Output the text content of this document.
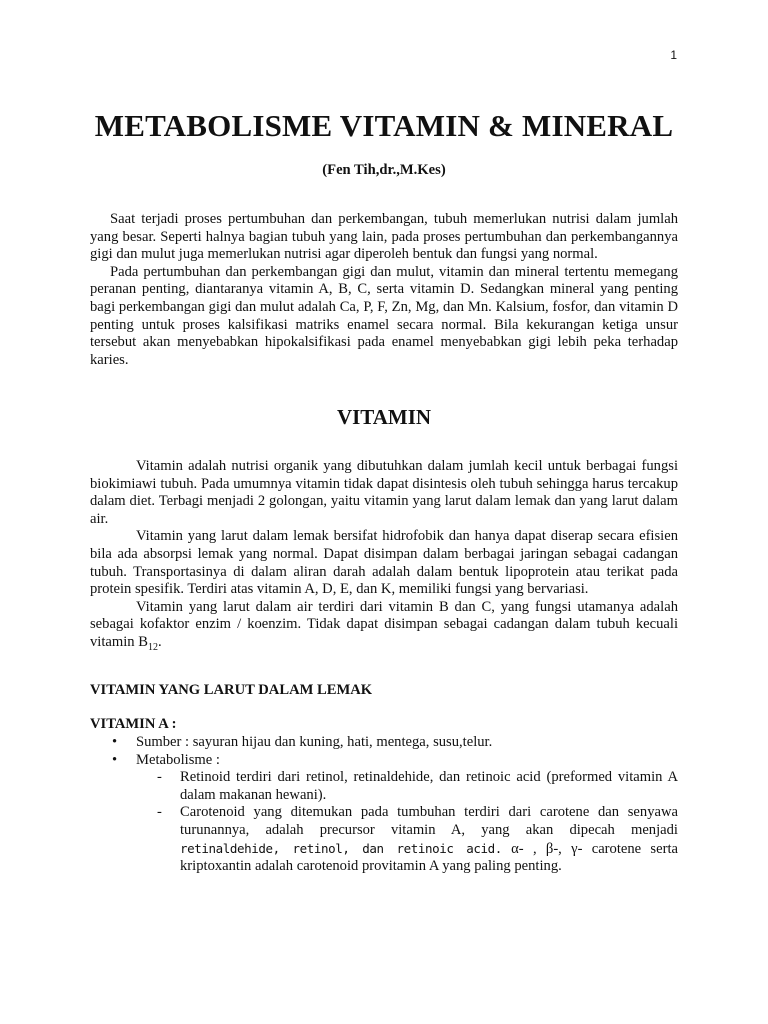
1
METABOLISME VITAMIN & MINERAL
(Fen Tih,dr.,M.Kes)

Saat terjadi proses pertumbuhan dan perkembangan, tubuh memerlukan nutrisi dalam jumlah yang besar. Seperti halnya bagian tubuh yang lain, pada proses pertumbuhan dan perkembangannya gigi dan mulut juga memerlukan nutrisi agar diperoleh bentuk dan fungsi yang normal.

Pada pertumbuhan dan perkembangan gigi dan mulut, vitamin dan mineral tertentu memegang peranan penting, diantaranya vitamin A, B, C, serta vitamin D. Sedangkan mineral yang penting bagi perkembangan gigi dan mulut adalah Ca, P, F, Zn, Mg, dan Mn. Kalsium, fosfor, dan vitamin D penting untuk proses kalsifikasi matriks enamel secara normal. Bila kekurangan ketiga unsur tersebut akan menyebabkan hipokalsifikasi pada enamel menyebabkan gigi lebih peka terhadap karies.

VITAMIN

Vitamin adalah nutrisi organik yang dibutuhkan dalam jumlah kecil untuk berbagai fungsi biokimiawi tubuh. Pada umumnya vitamin tidak dapat disintesis oleh tubuh sehingga harus tercakup dalam diet. Terbagi menjadi 2 golongan, yaitu vitamin yang larut dalam lemak dan yang larut dalam air.

Vitamin yang larut dalam lemak bersifat hidrofobik dan hanya dapat diserap secara efisien bila ada absorpsi lemak yang normal. Dapat disimpan dalam berbagai jaringan sebagai cadangan tubuh. Transportasinya di dalam aliran darah adalah dalam bentuk lipoprotein atau terikat pada protein spesifik. Terdiri atas vitamin A, D, E, dan K, memiliki fungsi yang bervariasi.

Vitamin yang larut dalam air terdiri dari vitamin B dan C, yang fungsi utamanya adalah sebagai kofaktor enzim / koenzim. Tidak dapat disimpan sebagai cadangan dalam tubuh kecuali vitamin $B_{12}$.

VITAMIN YANG LARUT DALAM LEMAK
VITAMIN A :
• Sumber : sayuran hijau dan kuning, hati, mentega, susu,telur.
• Metabolisme :
- Retinoid terdiri dari retinol, retinaldehide, dan retinoic acid (preformed vitamin A dalam makanan hewani).
- Carotenoid yang ditemukan pada tumbuhan terdiri dari carotene dan senyawa turunannya, adalah precursor vitamin A, yang akan dipecah menjadi retinaldehide, retinol, dan retinoic acid. α- , β-, γ- carotene serta kriptoxantin adalah carotenoid provitamin A yang paling penting.
